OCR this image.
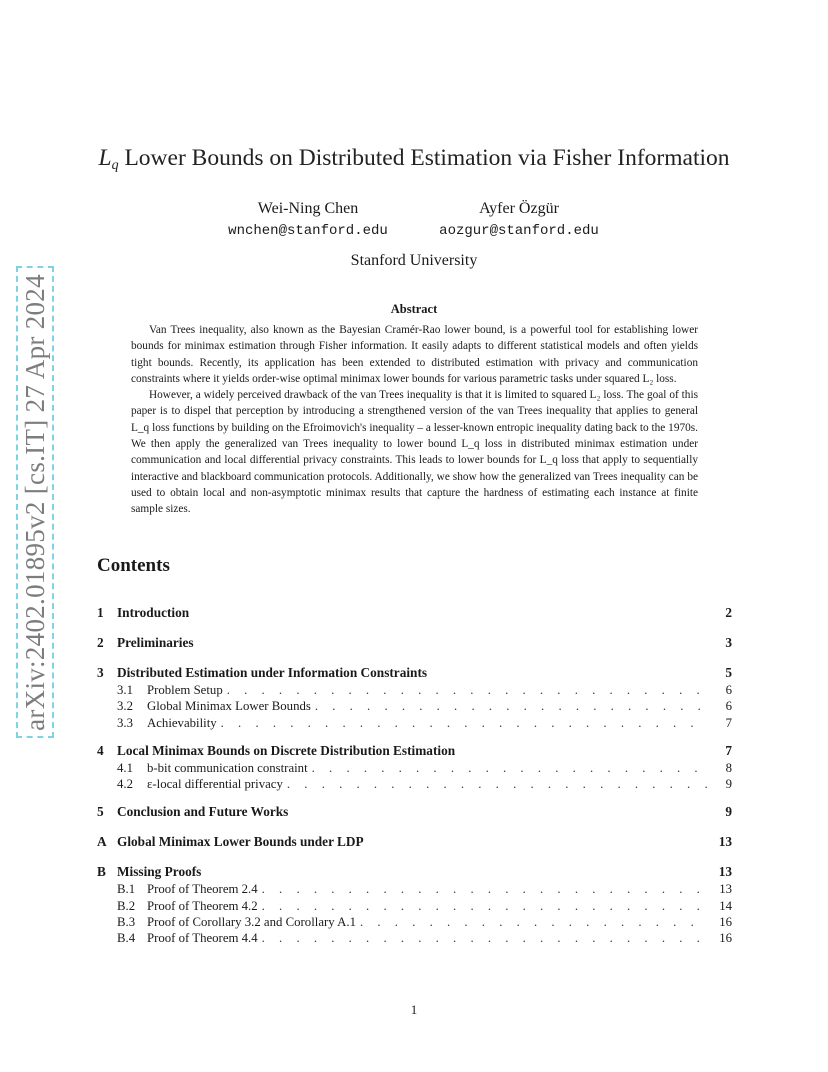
arXiv:2402.01895v2 [cs.IT] 27 Apr 2024
$L_q$ Lower Bounds on Distributed Estimation via Fisher Information
Wei-Ning Chen
wnchen@stanford.edu
Ayfer Özgür
aozgur@stanford.edu
Stanford University
Abstract

Van Trees inequality, also known as the Bayesian Cramér-Rao lower bound, is a powerful tool for establishing lower bounds for minimax estimation through Fisher information. It easily adapts to different statistical models and often yields tight bounds. Recently, its application has been extended to distributed estimation with privacy and communication constraints where it yields order-wise optimal minimax lower bounds for various parametric tasks under squared L₂ loss.

However, a widely perceived drawback of the van Trees inequality is that it is limited to squared L₂ loss. The goal of this paper is to dispel that perception by introducing a strengthened version of the van Trees inequality that applies to general L_q loss functions by building on the Efroimovich's inequality – a lesser-known entropic inequality dating back to the 1970s. We then apply the generalized van Trees inequality to lower bound L_q loss in distributed minimax estimation under communication and local differential privacy constraints. This leads to lower bounds for L_q loss that apply to sequentially interactive and blackboard communication protocols. Additionally, we show how the generalized van Trees inequality can be used to obtain local and non-asymptotic minimax results that capture the hardness of estimating each instance at finite sample sizes.

Contents
1 Introduction	2
2 Preliminaries	3
3 Distributed Estimation under Information Constraints	5
3.1	Problem Setup . . .	6
3.2	Global Minimax Lower Bounds . . .	6
3.3	Achievability . . .	7
4 Local Minimax Bounds on Discrete Distribution Estimation	7
4.1	b-bit communication constraint . . .	8
4.2	ε-local differential privacy . . .	9
5 Conclusion and Future Works	9
A Global Minimax Lower Bounds under LDP	13
B Missing Proofs	13
B.1 Proof of Theorem 2.4 . . .	13
B.2 Proof of Theorem 4.2 . . .	14
B.3 Proof of Corollary 3.2 and Corollary A.1 . . .	16
B.4 Proof of Theorem 4.4 . . .	16
1
